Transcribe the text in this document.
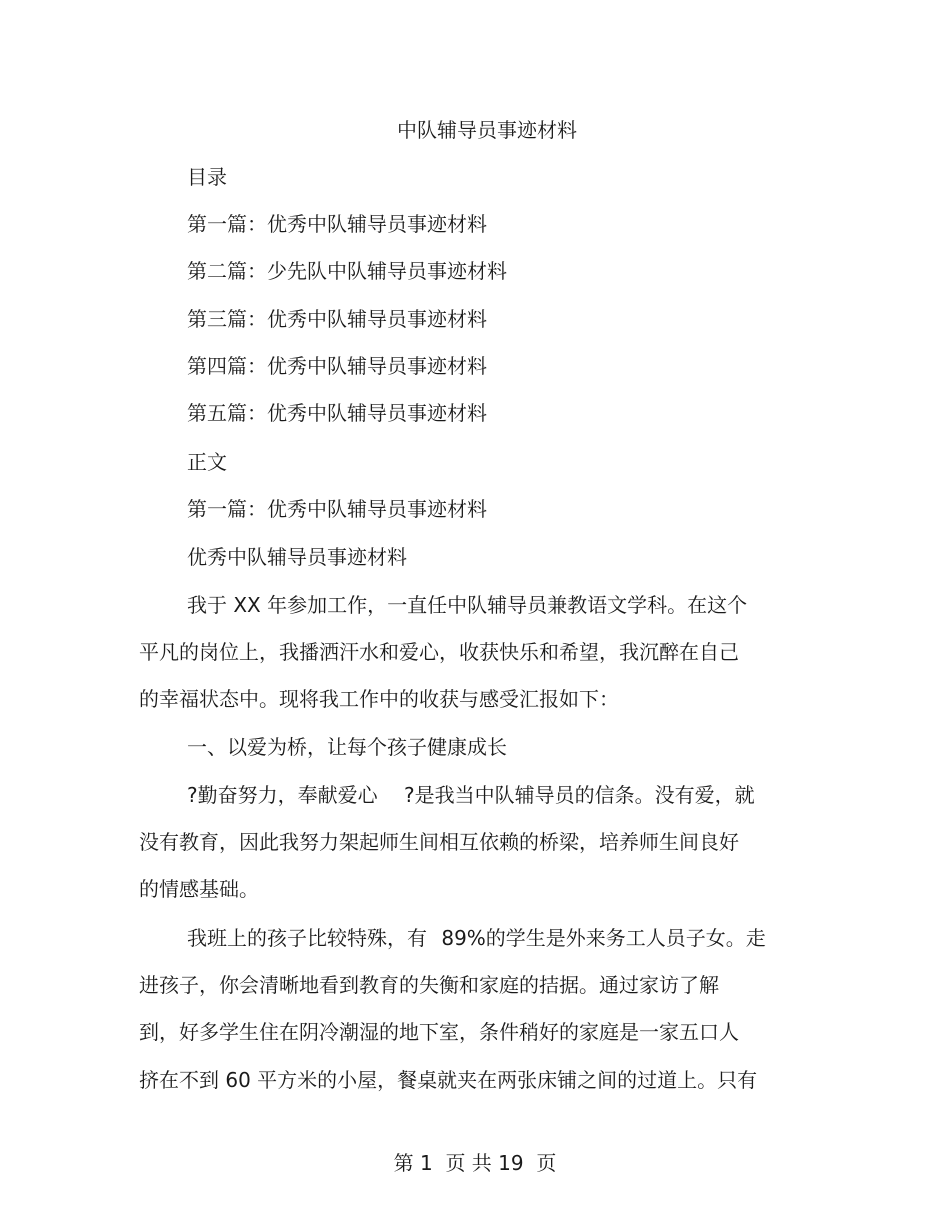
中队辅导员事迹材料
目录
第一篇：优秀中队辅导员事迹材料
第二篇：少先队中队辅导员事迹材料
第三篇：优秀中队辅导员事迹材料
第四篇：优秀中队辅导员事迹材料
第五篇：优秀中队辅导员事迹材料
正文
第一篇：优秀中队辅导员事迹材料
优秀中队辅导员事迹材料
我于 XX 年参加工作，一直任中队辅导员兼教语文学科。在这个
平凡的岗位上，我播洒汗水和爱心，收获快乐和希望，我沉醉在自己
的幸福状态中。现将我工作中的收获与感受汇报如下：
一、以爱为桥，让每个孩子健康成长
?勤奋努力，奉献爱心 ?是我当中队辅导员的信条。没有爱，就
没有教育，因此我努力架起师生间相互依赖的桥梁，培养师生间良好
的情感基础。
我班上的孩子比较特殊，有 89%的学生是外来务工人员子女。走
进孩子，你会清晰地看到教育的失衡和家庭的拮据。通过家访了解
到，好多学生住在阴冷潮湿的地下室，条件稍好的家庭是一家五口人
挤在不到 60 平方米的小屋，餐桌就夹在两张床铺之间的过道上。只有
第 1  页 共 19  页
